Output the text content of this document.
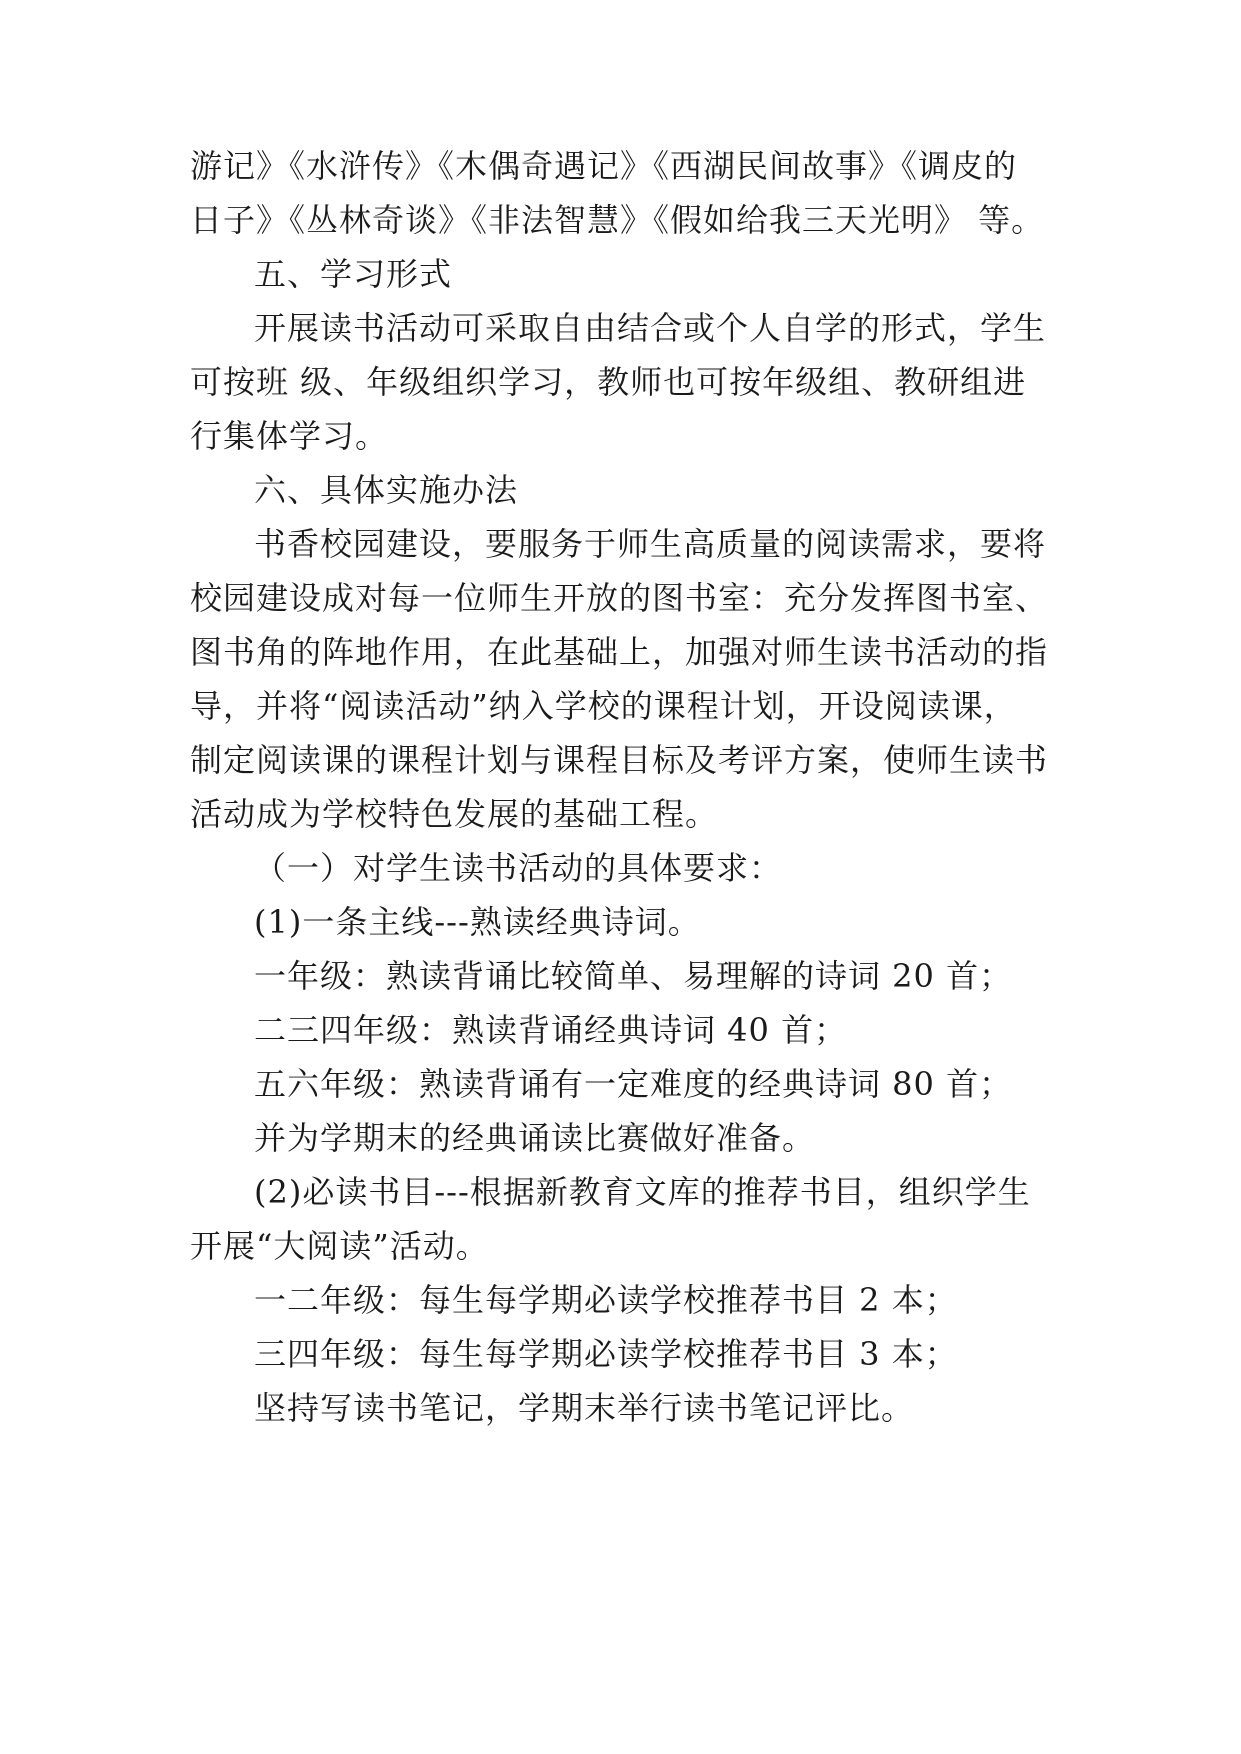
游记》《水浒传》《木偶奇遇记》《西湖民间故事》《调皮的
日子》《丛林奇谈》《非法智慧》《假如给我三天光明》 等。
五、学习形式
开展读书活动可采取自由结合或个人自学的形式，学生
可按班 级、年级组织学习，教师也可按年级组、教研组进
行集体学习。
六、具体实施办法
书香校园建设，要服务于师生高质量的阅读需求，要将
校园建设成对每一位师生开放的图书室：充分发挥图书室、
图书角的阵地作用，在此基础上，加强对师生读书活动的指
导，并将“阅读活动”纳入学校的课程计划，开设阅读课，
制定阅读课的课程计划与课程目标及考评方案，使师生读书
活动成为学校特色发展的基础工程。
（一）对学生读书活动的具体要求：
(1)一条主线---熟读经典诗词。
一年级：熟读背诵比较简单、易理解的诗词 20 首；
二三四年级：熟读背诵经典诗词 40 首；
五六年级：熟读背诵有一定难度的经典诗词 80 首；
并为学期末的经典诵读比赛做好准备。
(2)必读书目---根据新教育文库的推荐书目，组织学生
开展“大阅读”活动。
一二年级：每生每学期必读学校推荐书目 2 本；
三四年级：每生每学期必读学校推荐书目 3 本；
坚持写读书笔记，学期末举行读书笔记评比。
